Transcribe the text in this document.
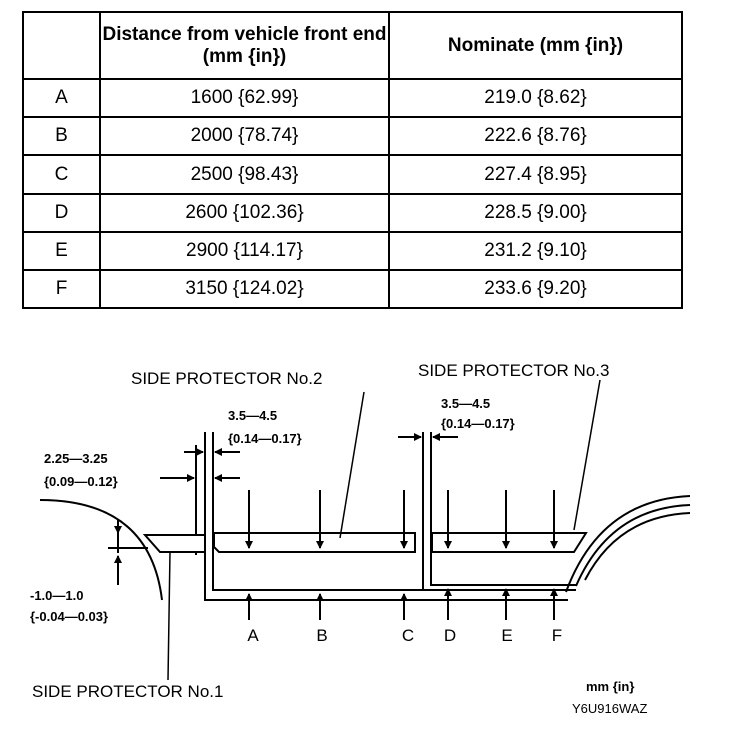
	Distance from vehicle front end (mm {in})	Nominate (mm {in})
A	1600 {62.99}	219.0 {8.62}
B	2000 {78.74}	222.6 {8.76}
C	2500 {98.43}	227.4 {8.95}
D	2600 {102.36}	228.5 {9.00}
E	2900 {114.17}	231.2 {9.10}
F	3150 {124.02}	233.6 {9.20}
SIDE PROTECTOR No.2	SIDE PROTECTOR No.3
SIDE PROTECTOR No.1
3.5—4.5
{0.14—0.17}
3.5—4.5
{0.14—0.17}
2.25—3.25
{0.09—0.12}
-1.0—1.0
{-0.04—0.03}
A	B	C D	E F
mm {in}
Y6U916WAZ
